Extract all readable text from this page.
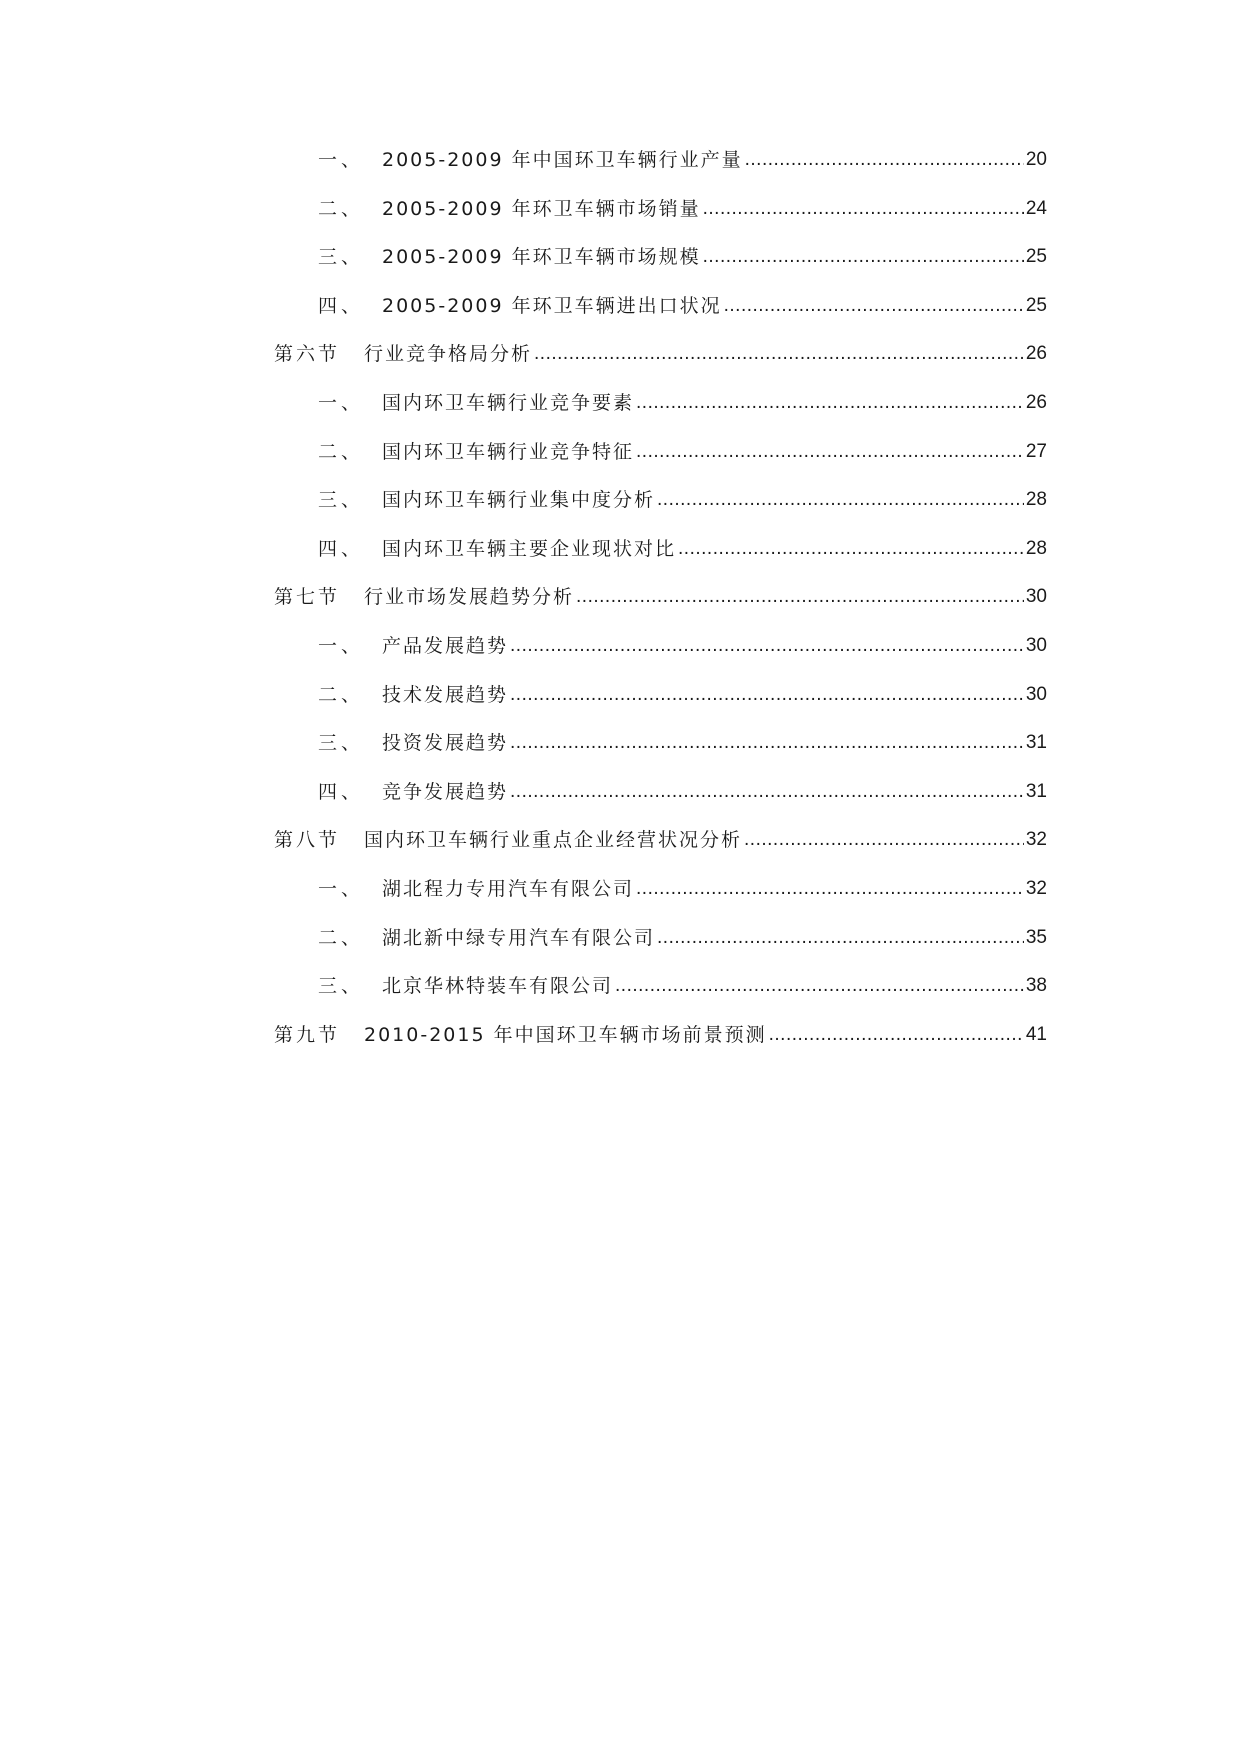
一、 2005-2009 年中国环卫车辆行业产量 .....	20
二、 2005-2009 年环卫车辆市场销量 .....	24
三、 2005-2009 年环卫车辆市场规模 .....	25
四、 2005-2009 年环卫车辆进出口状况 .....	25
第六节	行业竞争格局分析 .....	26
一、 国内环卫车辆行业竞争要素 .....	26
二、 国内环卫车辆行业竞争特征 .....	27
三、 国内环卫车辆行业集中度分析 .....	28
四、 国内环卫车辆主要企业现状对比 .....	28
第七节	行业市场发展趋势分析 .....	30
一、 产品发展趋势 .....	30
二、 技术发展趋势 .....	30
三、 投资发展趋势 .....	31
四、 竞争发展趋势 .....	31
第八节	国内环卫车辆行业重点企业经营状况分析 .....	32
一、 湖北程力专用汽车有限公司 .....	32
二、 湖北新中绿专用汽车有限公司 .....	35
三、 北京华林特装车有限公司 .....	38
第九节	2010-2015 年中国环卫车辆市场前景预测 .....	41
